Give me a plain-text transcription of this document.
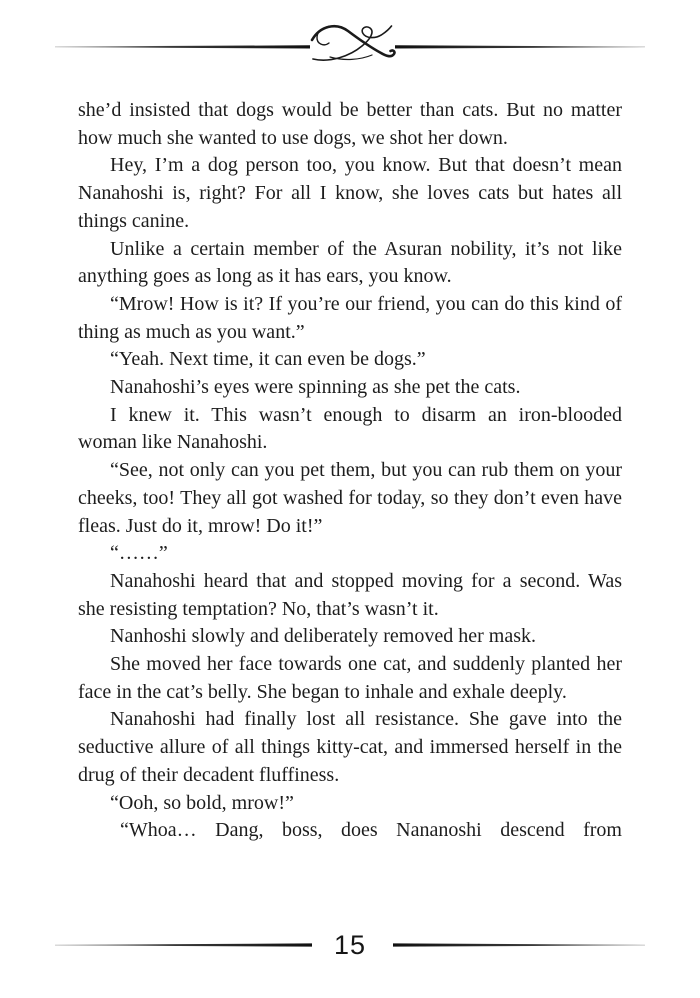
she’d insisted that dogs would be better than cats. But no matter how much she wanted to use dogs, we shot her down.

Hey, I’m a dog person too, you know. But that doesn’t mean Nanahoshi is, right? For all I know, she loves cats but hates all things canine.

Unlike a certain member of the Asuran nobility, it’s not like anything goes as long as it has ears, you know.

“Mrow! How is it? If you’re our friend, you can do this kind of thing as much as you want.”

“Yeah. Next time, it can even be dogs.”

Nanahoshi’s eyes were spinning as she pet the cats.

I knew it. This wasn’t enough to disarm an iron-blooded woman like Nanahoshi.

“See, not only can you pet them, but you can rub them on your cheeks, too! They all got washed for today, so they don’t even have fleas. Just do it, mrow! Do it!”

“……”

Nanahoshi heard that and stopped moving for a second. Was she resisting temptation? No, that’s wasn’t it.

Nanhoshi slowly and deliberately removed her mask.

She moved her face towards one cat, and suddenly planted her face in the cat’s belly. She began to inhale and exhale deeply.

Nanahoshi had finally lost all resistance. She gave into the seductive allure of all things kitty-cat, and immersed herself in the drug of their decadent fluffiness.

“Ooh, so bold, mrow!”

“Whoa… Dang, boss, does Nananoshi descend from

15
